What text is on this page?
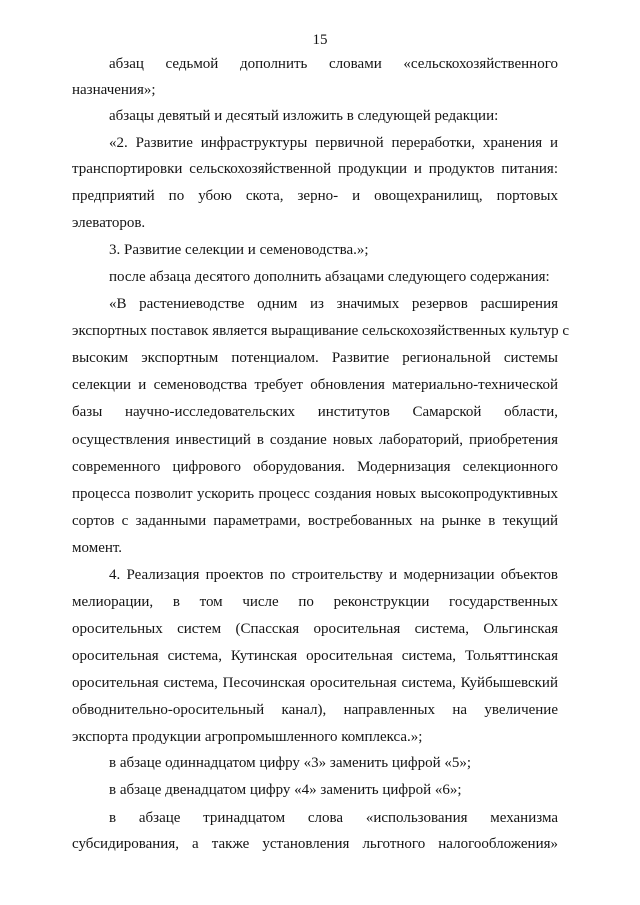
15
абзац седьмой дополнить словами «сельскохозяйственного
назначения»;
абзацы девятый и десятый изложить в следующей редакции:
«2. Развитие инфраструктуры первичной переработки, хранения и
транспортировки сельскохозяйственной продукции и продуктов питания:
предприятий по убою скота, зерно- и овощехранилищ, портовых
элеваторов.
3. Развитие селекции и семеноводства.»;
после абзаца десятого дополнить абзацами следующего содержания:
«В растениеводстве одним из значимых резервов расширения
экспортных поставок является выращивание сельскохозяйственных культур с
высоким экспортным потенциалом. Развитие региональной системы
селекции и семеноводства требует обновления материально-технической
базы научно-исследовательских институтов Самарской области,
осуществления инвестиций в создание новых лабораторий, приобретения
современного цифрового оборудования. Модернизация селекционного
процесса позволит ускорить процесс создания новых высокопродуктивных
сортов с заданными параметрами, востребованных на рынке в текущий
момент.
4. Реализация проектов по строительству и модернизации объектов
мелиорации, в том числе по реконструкции государственных
оросительных систем (Спасская оросительная система, Ольгинская
оросительная система, Кутинская оросительная система, Тольяттинская
оросительная система, Песочинская оросительная система, Куйбышевский
обводнительно-оросительный канал), направленных на увеличение
экспорта продукции агропромышленного комплекса.»;
в абзаце одиннадцатом цифру «3» заменить цифрой «5»;
в абзаце двенадцатом цифру «4» заменить цифрой «6»;
в абзаце тринадцатом слова «использования механизма
субсидирования, а также установления льготного налогообложения»
